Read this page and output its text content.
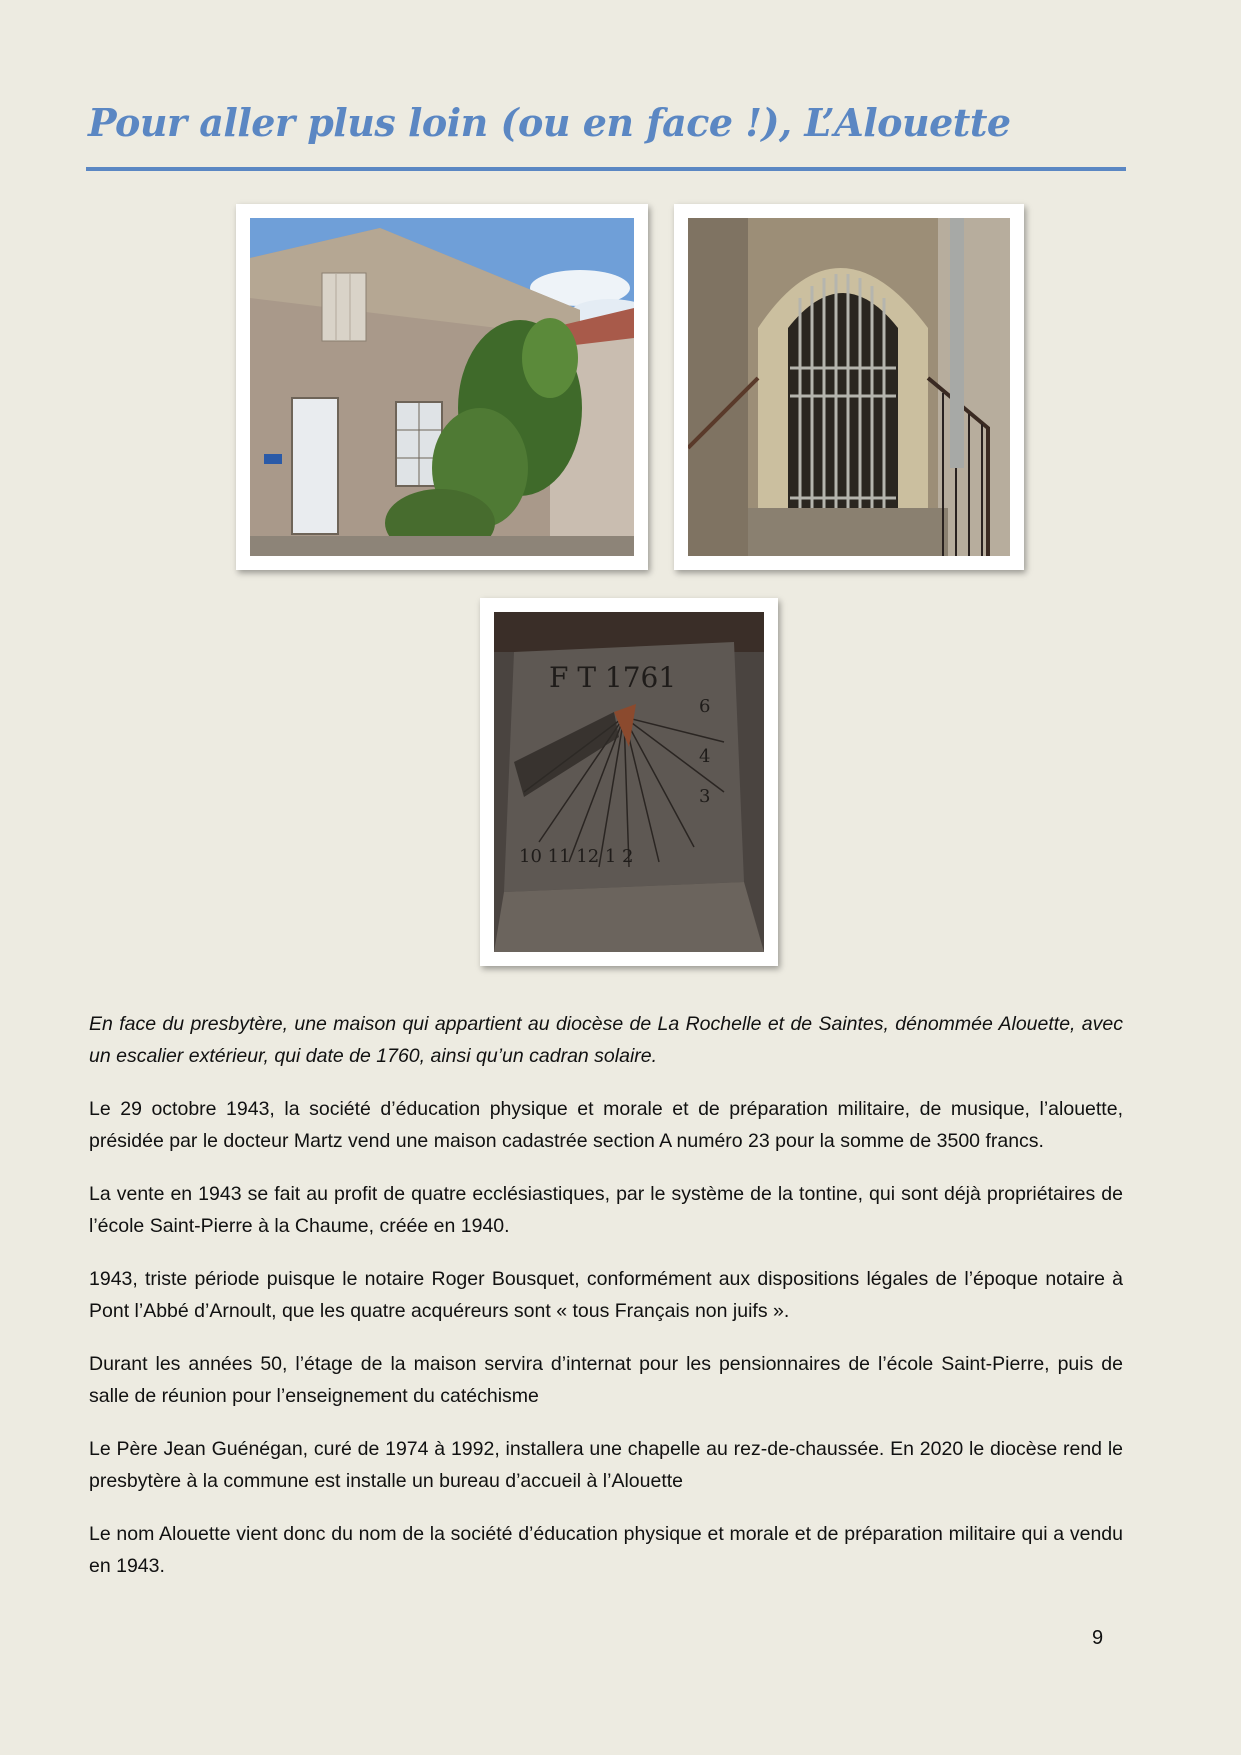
Pour aller plus loin (ou en face !), L’Alouette
F T 1761
10 11 12 1 2
6
4
3

En face du presbytère, une maison qui appartient au diocèse de La Rochelle et de Saintes, dénommée Alouette, avec un escalier extérieur, qui date de 1760, ainsi qu’un cadran solaire.

Le 29 octobre 1943, la société d’éducation physique et morale et de préparation militaire, de musique, l’alouette, présidée par le docteur Martz vend une maison cadastrée section A numéro 23 pour la somme de 3500 francs.

La vente en 1943 se fait au profit de quatre ecclésiastiques, par le système de la tontine, qui sont déjà propriétaires de l’école Saint-Pierre à la Chaume, créée en 1940.

1943, triste période puisque le notaire Roger Bousquet, conformément aux dispositions légales de l’époque notaire à Pont l’Abbé d’Arnoult, que les quatre acquéreurs sont « tous Français non juifs ».

Durant les années 50, l’étage de la maison servira d’internat pour les pensionnaires de l’école Saint-Pierre, puis de salle de réunion pour l’enseignement du catéchisme

Le Père Jean Guénégan, curé de 1974 à 1992, installera une chapelle au rez-de-chaussée. En 2020 le diocèse rend le presbytère à la commune est installe un bureau d’accueil à l’Alouette

Le nom Alouette vient donc du nom de la société d’éducation physique et morale et de préparation militaire qui a vendu en 1943.

9
